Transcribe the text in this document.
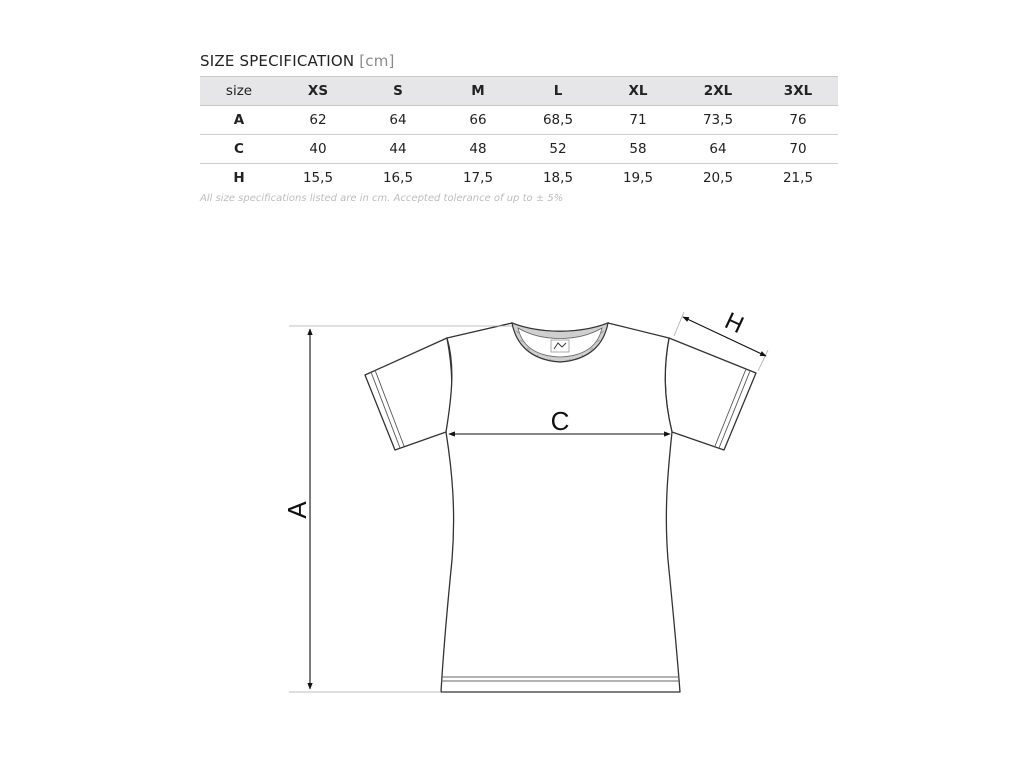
SIZE SPECIFICATION [cm]
size	XS	S	M	L	XL	2XL	3XL
A	62	64	66	68,5	71	73,5	76
C	40	44	48	52	58	64	70
H	15,5	16,5	17,5	18,5	19,5	20,5	21,5
All size specifications listed are in cm. Accepted tolerance of up to ± 5%
A
C
H
